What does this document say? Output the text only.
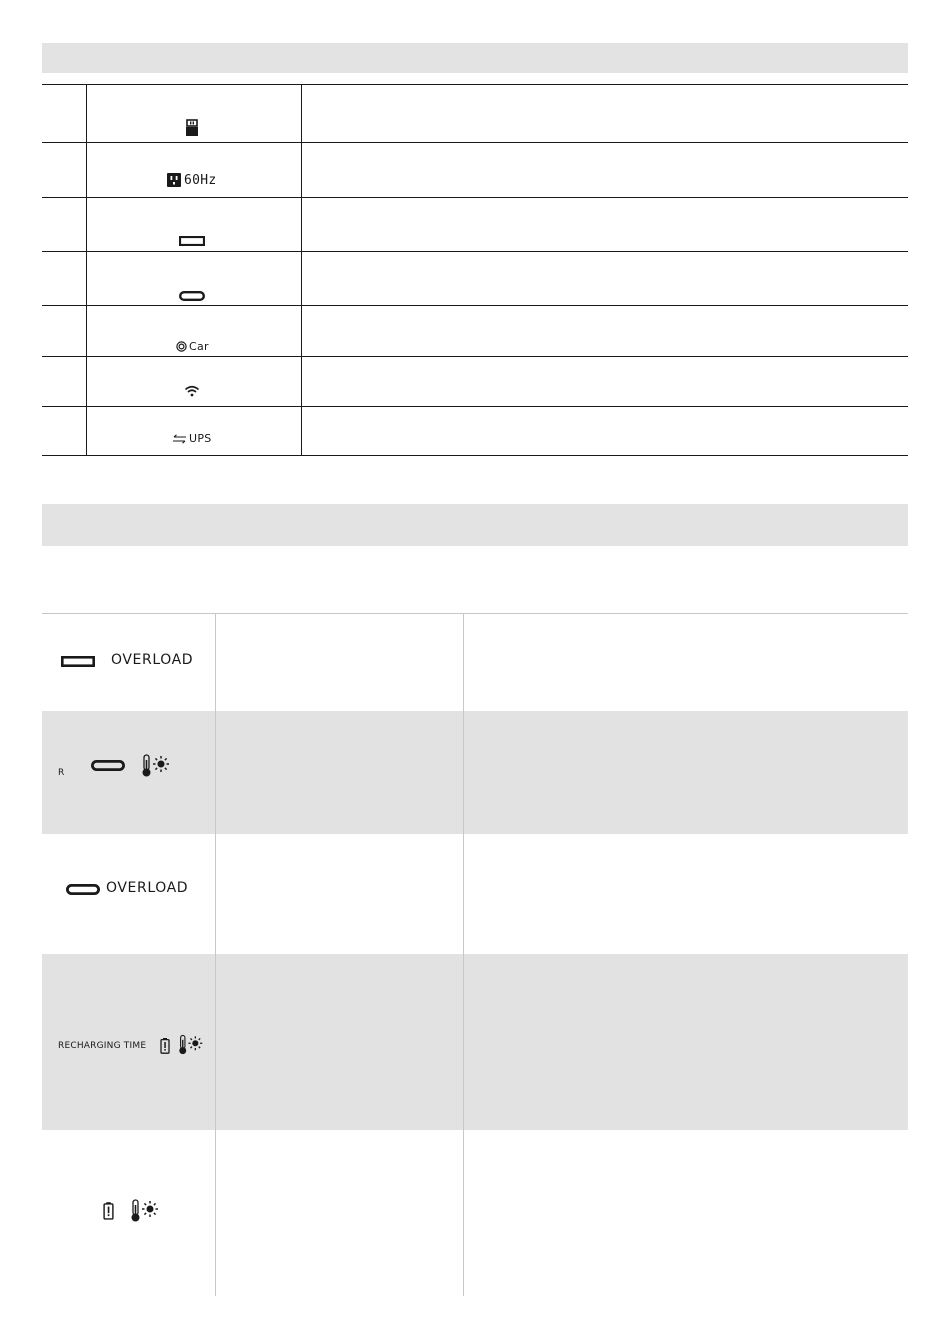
60Hz
Car
UPS
OVERLOAD
R
OVERLOAD
RECHARGING TIME
